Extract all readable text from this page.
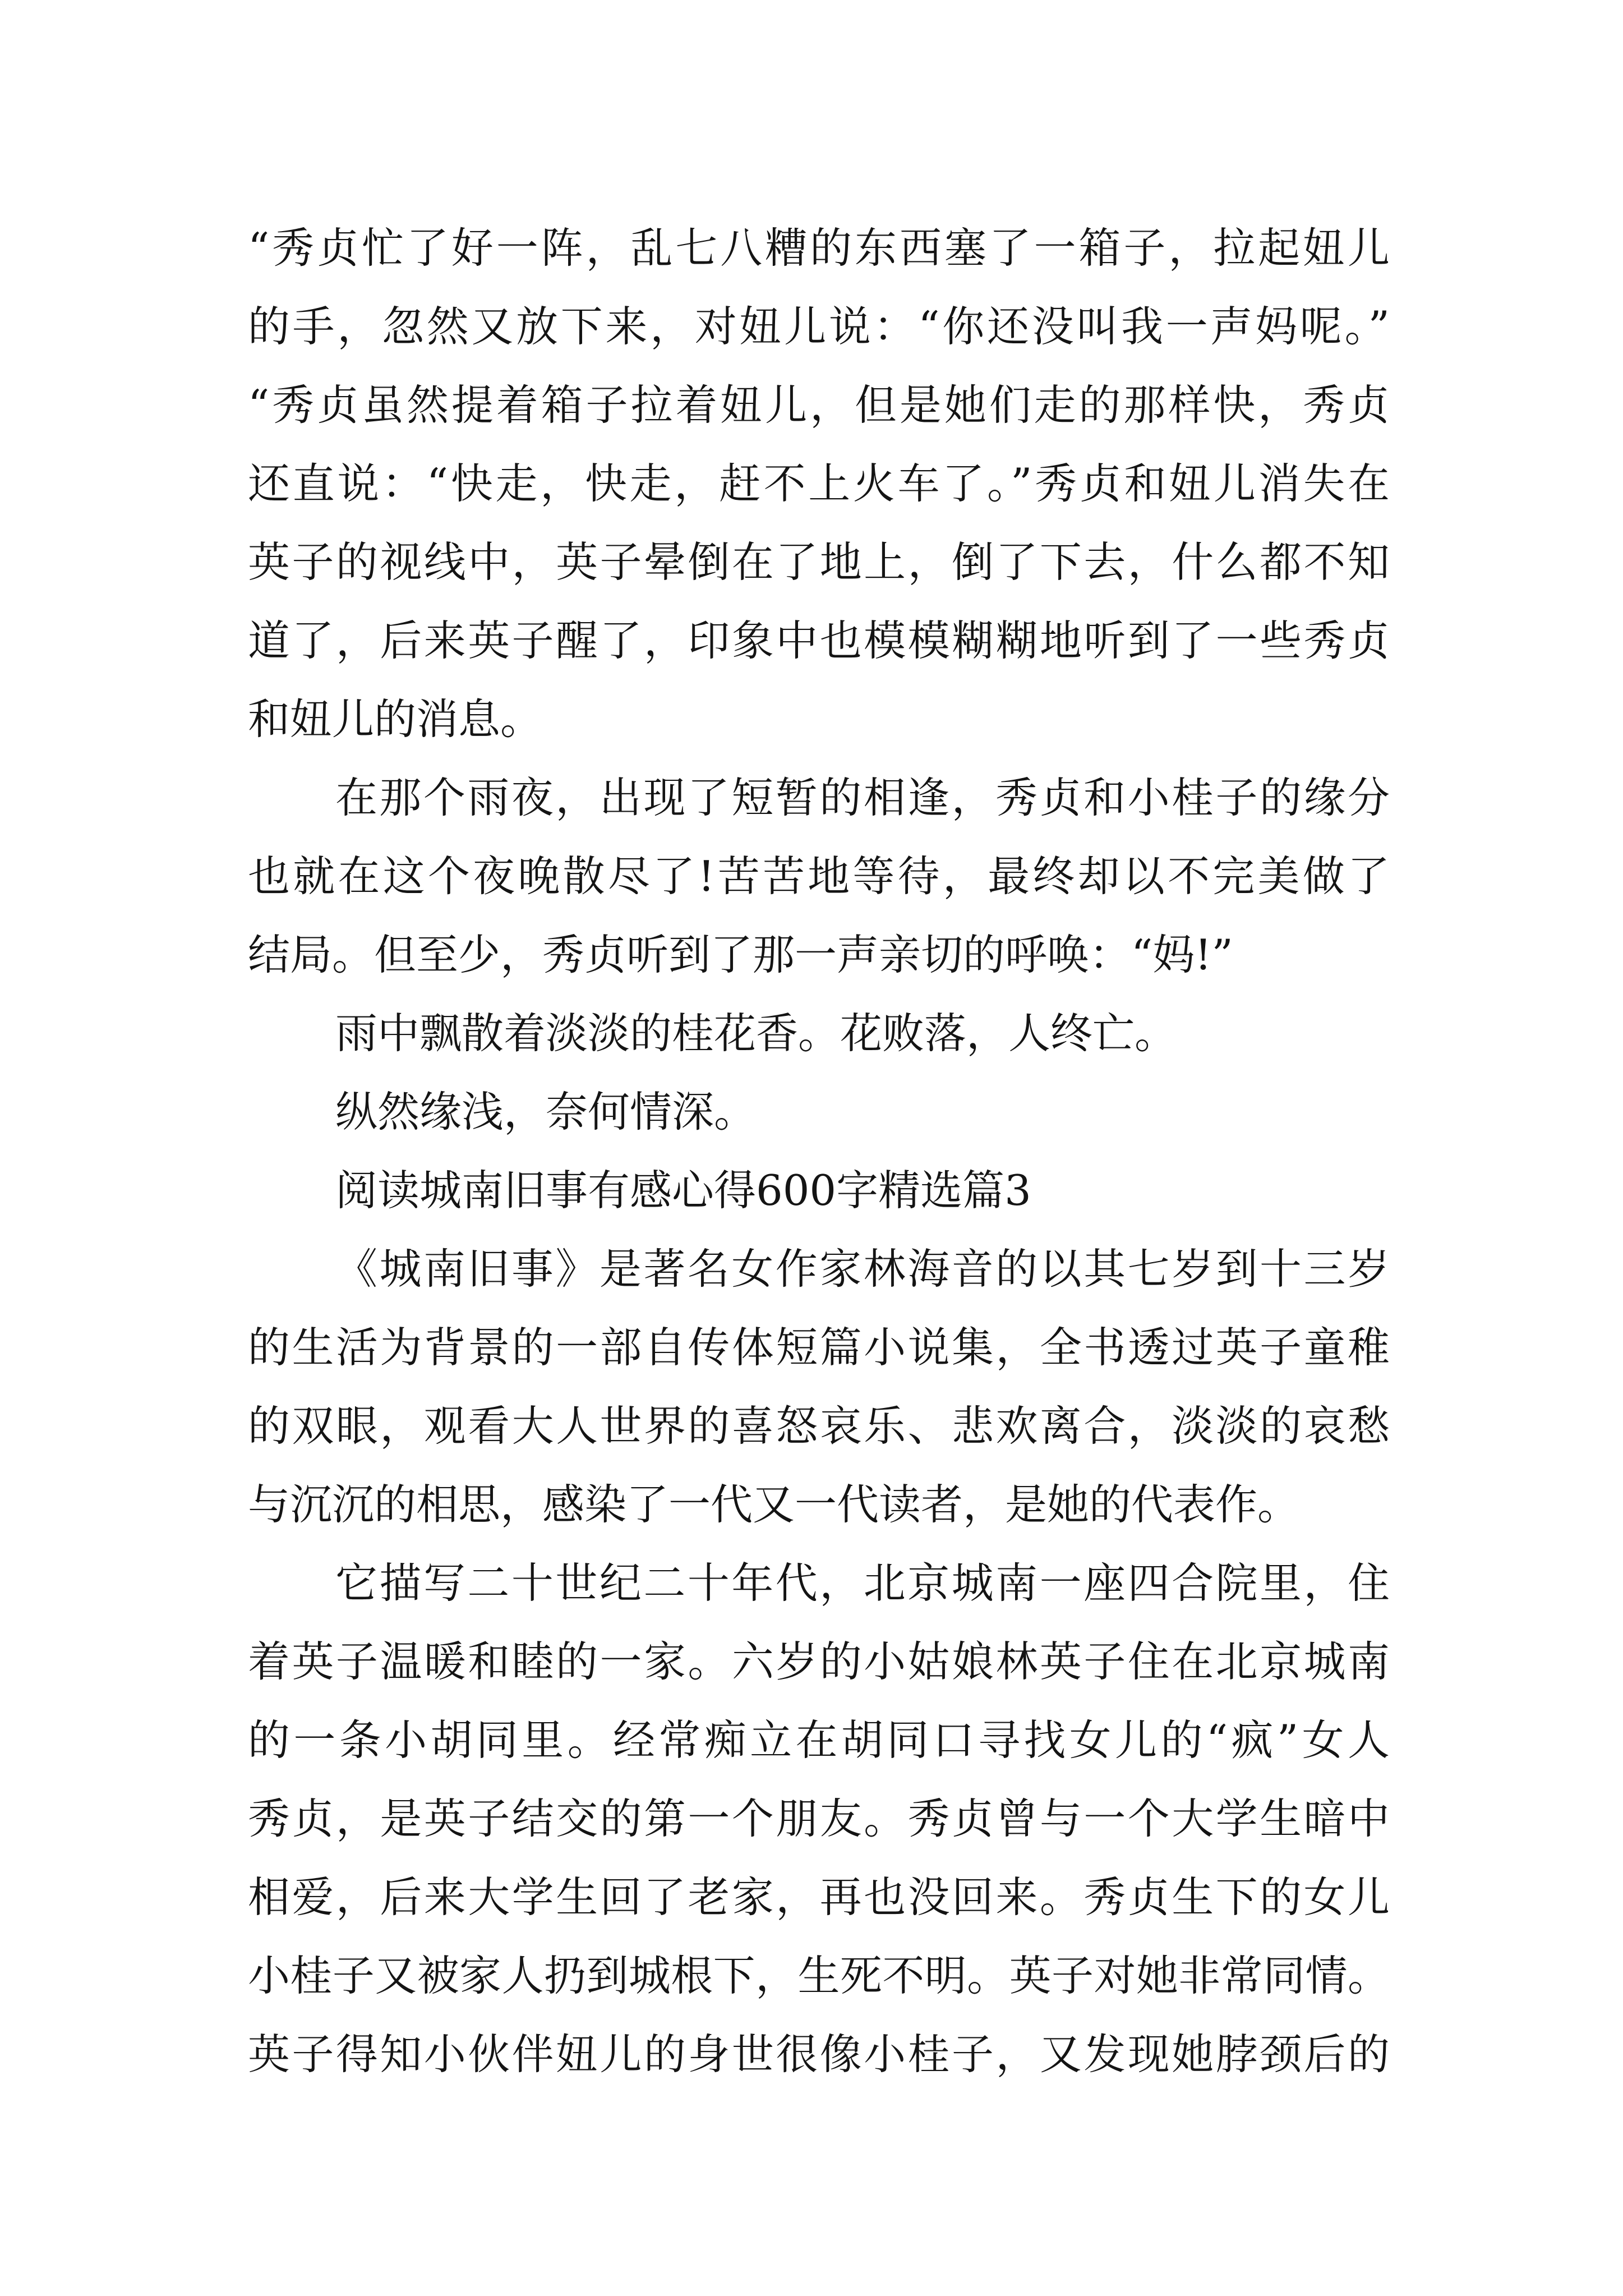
“秀贞忙了好一阵，乱七八糟的东西塞了一箱子，拉起妞儿
的手，忽然又放下来，对妞儿说：“你还没叫我一声妈呢。”
“秀贞虽然提着箱子拉着妞儿，但是她们走的那样快，秀贞
还直说：“快走，快走，赶不上火车了。”秀贞和妞儿消失在
英子的视线中，英子晕倒在了地上，倒了下去，什么都不知
道了，后来英子醒了，印象中也模模糊糊地听到了一些秀贞
和妞儿的消息。
在那个雨夜，出现了短暂的相逢，秀贞和小桂子的缘分
也就在这个夜晚散尽了!苦苦地等待，最终却以不完美做了
结局。但至少，秀贞听到了那一声亲切的呼唤：“妈!”
雨中飘散着淡淡的桂花香。花败落，人终亡。
纵然缘浅，奈何情深。
阅读城南旧事有感心得600字精选篇3
《城南旧事》是著名女作家林海音的以其七岁到十三岁
的生活为背景的一部自传体短篇小说集，全书透过英子童稚
的双眼，观看大人世界的喜怒哀乐、悲欢离合，淡淡的哀愁
与沉沉的相思，感染了一代又一代读者，是她的代表作。
它描写二十世纪二十年代，北京城南一座四合院里，住
着英子温暖和睦的一家。六岁的小姑娘林英子住在北京城南
的一条小胡同里。经常痴立在胡同口寻找女儿的“疯”女人
秀贞，是英子结交的第一个朋友。秀贞曾与一个大学生暗中
相爱，后来大学生回了老家，再也没回来。秀贞生下的女儿
小桂子又被家人扔到城根下，生死不明。英子对她非常同情。
英子得知小伙伴妞儿的身世很像小桂子，又发现她脖颈后的
